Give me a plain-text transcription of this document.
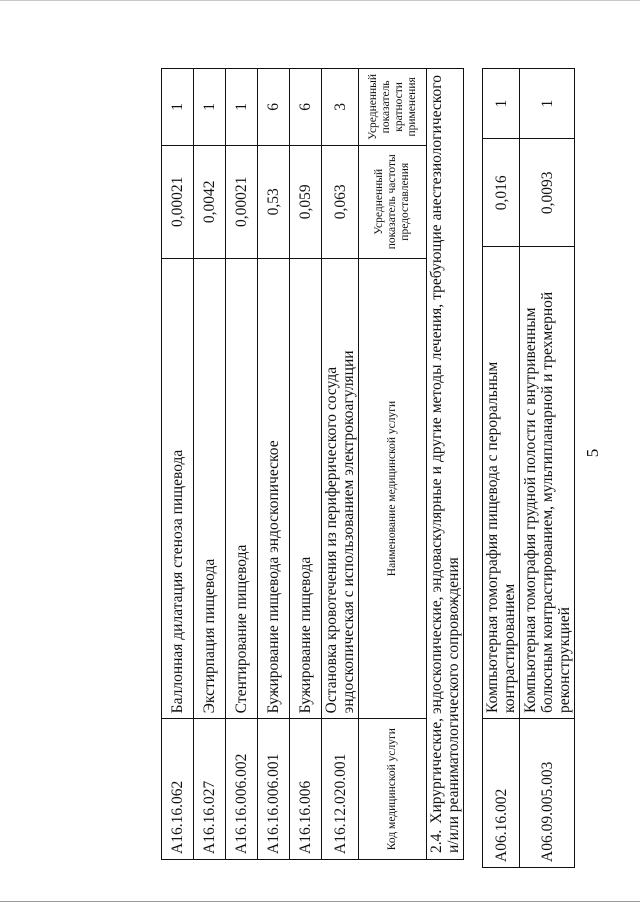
5
A06.16.002	Компьютерная томография пищевода с пероральным контрастированием	0,016	1
A06.09.005.003	Компьютерная томография грудной полости с внутривенным болюсным контрастированием, мультипланарной и трехмерной реконструкцией	0,0093	1
A16.16.062	Баллонная дилатация стеноза пищевода	0,00021	1
A16.16.027	Экстирпация пищевода	0,0042	1
A16.16.006.002	Стентирование пищевода	0,00021	1
A16.16.006.001	Бужирование пищевода эндоскопическое	0,53	6
A16.16.006	Бужирование пищевода	0,059	6
A16.12.020.001	Остановка кровотечения из периферического сосуда эндоскопическая с использованием электрокоагуляции	0,063	3
Код медицинской услуги	Наименование медицинской услуги	Усредненный показатель частоты предоставления	Усредненный показатель кратности применения
2.4.Хирургические, эндоскопические, эндоваскулярные и другие методы лечения, требующие анестезиологического и/или реаниматологического сопровождения			
